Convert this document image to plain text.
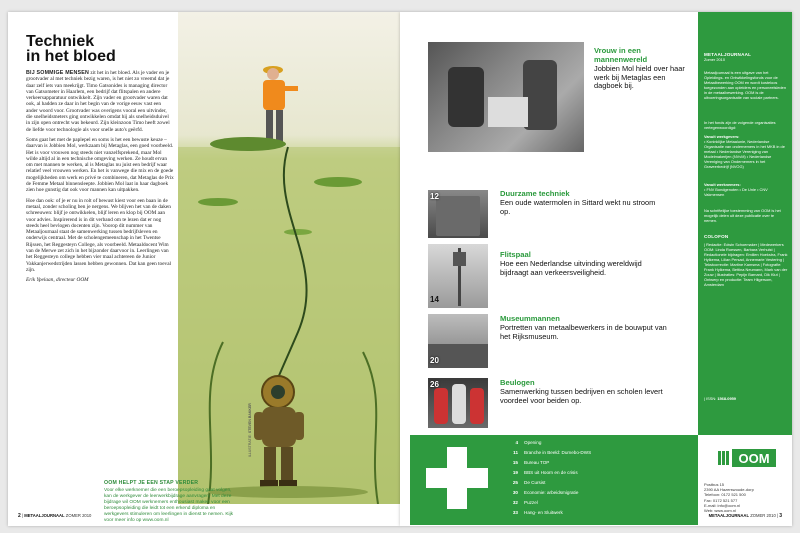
Techniek
in het bloed

BIJ SOMMIGE MENSEN zit het in het bloed. Als je vader en je grootvader al met techniek bezig waren, is het niet zo vreemd dat je daar zelf iets van meekrijgt. Timo Gatsonides is managing director van Gatsometer in Haarlem, een bedrijf dat flitspalen en andere verkeersapparatuur ontwikkelt. Zijn vader en grootvader waren dat ook, al hadden ze daar in het begin van de vorige eeuw vast een ander woord voor. Grootvader was overigens vooral een uitvinder, die snelheidsmeters ging ontwikkelen omdat hij als snelheidsduivel in zijn open ontrecht was bekeurd. Zijn kleinzoon Timo heeft zowel de liefde voor technologie als voor snelle auto's geërfd.

Soms gaat het met de paplepel en soms is het een bewuste keuze – daarvan is Jobbien Mol, werkzaam bij Metaglas, een goed voorbeeld. Het is voor vrouwen nog steeds niet vanzelfsprekend, maar Mol wilde altijd al in een technische omgeving werken. Ze houdt ervan om met mannen te werken, al is Metaglas nu juist een bedrijf waar relatief veel vrouwen werken. En het is vanwege die mix en de goede mogelijkheden om werk en privé te combineren, dat Metaglas de Prix de Femme Metaal binnensleepte. Jobbien Mol laat in haar dagboek zien hoe gunstig dat ook voor mannen kan uitpakken.

Hoe dan ook: of je er nu in rolt of bewust kiest voor een baan in de metaal, zonder scholing ben je nergens. We blijven het van de daken schreeuwen: blijf je ontwikkelen, blijf leren en klop bij OOM aan voor advies. Inspirerend is in dit verband om te lezen dat er nog steeds heel bevlogen docenten zijn. Voorop dit nummer van Metaaljournaal staat de samenwerking tussen bedrijfsleven en onderwijs centraal. Met de scholengemeenschap in het Twentse Rijssen, het Reggesteyn College, als voorbeeld. Metaaldocent Wim van de Merwe zet zich in het bijzonder daarvoor in. Leerlingen van het Reggesteyn college hebben vier maal achtereen de Junior Vakkanjerwedstrijden lassen hebben gewonnen. Dat kan geen toeval zijn.

Erik Ypelaan, directeur OOM

ILLUSTRATIE: STEVEN BAKKER
OOM HELPT JE EEN STAP VERDER
Voor elke werknemer die een beroepsopleiding gaat volgen, kan de werkgever de leerwerkbijdrage aanvragen. Met deze bijdrage wil OOM werknemers enthousiast maken voor een beroepsopleiding die leidt tot een erkend diploma en werkgevers stimuleren om leerlingen in dienst te nemen. Kijk voor meer info op www.oom.nl
2 | METAALJOURNAAL ZOMER 2010
Vrouw in een mannenwereld
Jobbien Mol hield over haar werk bij Metaglas een dagboek bij.
12	Duurzame techniek
Een oude watermolen in Sittard wekt nu stroom op.
14
Flitspaal
Hoe een Nederlandse uitvinding wereldwijd bijdraagt aan verkeersveiligheid.
20
Museummannen
Portretten van metaalbewerkers in de bouwput van het Rijksmuseum.
26	Beulogen
Samenwerking tussen bedrijven en scholen levert voordeel voor beiden op.
METAALJOURNAAL
Zomer 2010
Metaaljournaal is een uitgave van het Opleidings- en Ontwikkelingsfonds voor de Metaalbewerking OOM en wordt kosteloos toegezonden aan opleiders en personeelsleden in de metaalbewerking. OOM is de uitvoeringsorganisatie van sociale partners.
In het fonds zijn de volgende organisaties vertegenwoordigd:
Vanuit werkgevers:
• Koninklijke Metaalunie, Nederlandse Organisatie van ondernemers in het MKB in de metaal • Nederlandse Vereniging van Modelmakerijen (NVvM) • Nederlandse Vereniging van Ondernemers in het Graveerbedrijf (NVOG)
Vanuit werknemers:
• FNV Bondgenoten • De Unie • CNV Vakmensen
Na schriftelijke toestemming van OOM is het mogelijk delen uit deze publicatie over te nemen.
COLOFON
| Redactie: Edwin Schoemaker | Medewerkers OOM: Linda Roessen, Barbara Verhulst | Redactionele bijdragen: Emilien Hoekstra, Frank Hylkema, Lilian Persad, Annemarie Vestering | Tekstcorrectie: Martine Kamsma | Fotografie: Frank Hylkema, Bettina Neumann, Mark van der Zouw | Illustraties: Pepijn Barnard, Dik Klut | Ontwerp en productie: Team Hilgersom, Amsterdam
| ISSN: 1568-0959
4 Opening
11 Branche in Beeld: Dumebo-DWS
15 Bureau TOP
19 BBS uit Hoorn en de crisis
25 De Cursist
30 Economie: arbeidsmigratie
32 Puzzel
33 Hang- en Sluitwerk
OOM
Postbus 15
2390 AA Hazerswoude-dorp
Telefoon: 0172 521 500
Fax: 0172 521 577
E-mail: info@oom.nl
Web: www.oom.nl
METAALJOURNAAL ZOMER 2010 | 3
